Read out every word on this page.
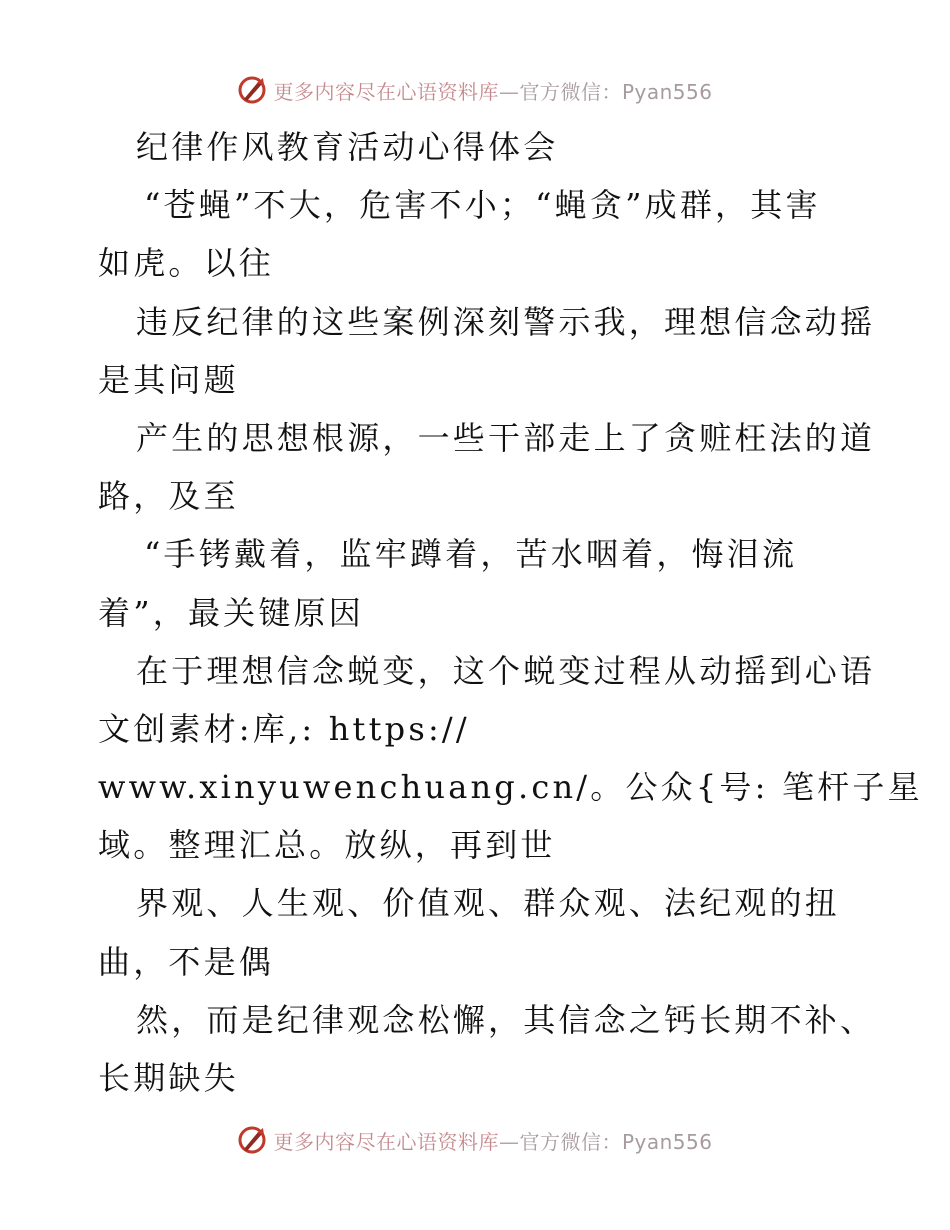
更多内容尽在心语资料库—官方微信：Pyan556
纪律作风教育活动心得体会
“苍蝇”不大，危害不小；“蝇贪”成群，其害
如虎。以往
违反纪律的这些案例深刻警示我，理想信念动摇
是其问题
产生的思想根源，一些干部走上了贪赃枉法的道
路，及至
“手铐戴着，监牢蹲着，苦水咽着，悔泪流
着”，最关键原因
在于理想信念蜕变，这个蜕变过程从动摇到心语
文创素材:库,: https://
www.xinyuwenchuang.cn/。公众{号: 笔杆子星
域。整理汇总。放纵，再到世
界观、人生观、价值观、群众观、法纪观的扭
曲，不是偶
然，而是纪律观念松懈，其信念之钙长期不补、
长期缺失
更多内容尽在心语资料库—官方微信：Pyan556
